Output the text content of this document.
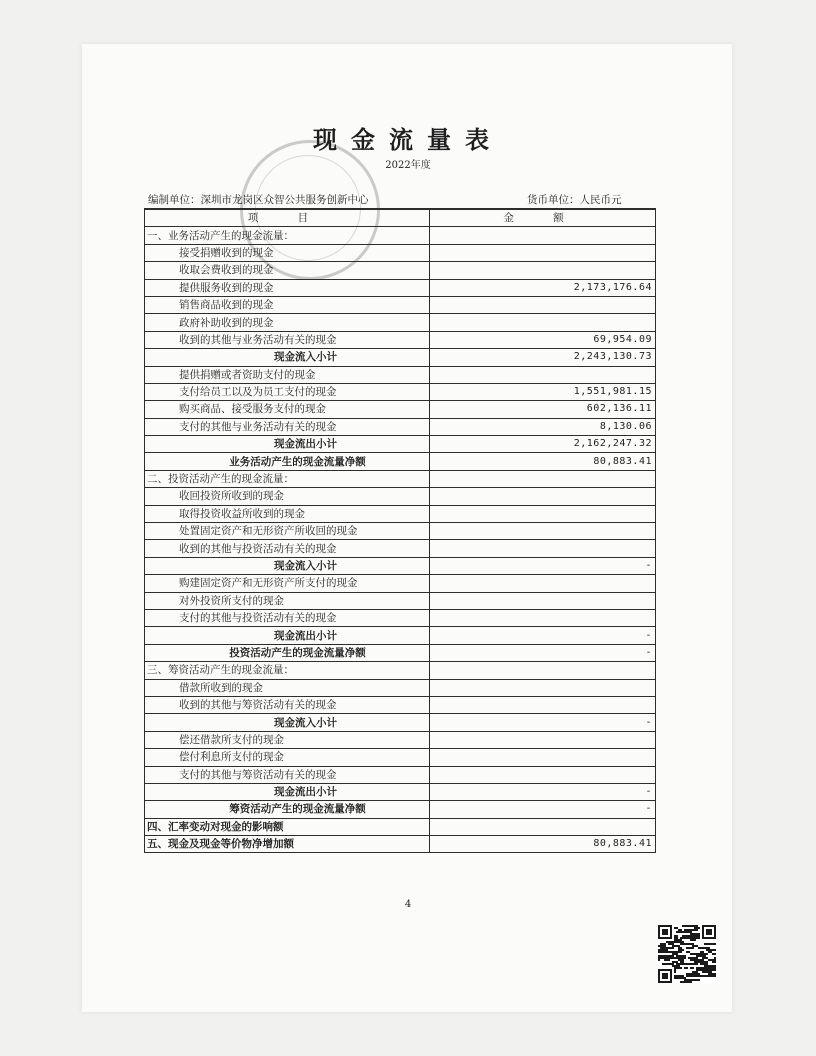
现金流量表
2022年度
编制单位：深圳市龙岗区众智公共服务创新中心	货币单位：人民币元
项 目	金 额
一、业务活动产生的现金流量：	
接受捐赠收到的现金	
收取会费收到的现金	
提供服务收到的现金	2,173,176.64
销售商品收到的现金	
政府补助收到的现金	
收到的其他与业务活动有关的现金	69,954.09
现金流入小计	2,243,130.73
提供捐赠或者资助支付的现金	
支付给员工以及为员工支付的现金	1,551,981.15
购买商品、接受服务支付的现金	602,136.11
支付的其他与业务活动有关的现金	8,130.06
现金流出小计	2,162,247.32
业务活动产生的现金流量净额	80,883.41
二、投资活动产生的现金流量：	
收回投资所收到的现金	
取得投资收益所收到的现金	
处置固定资产和无形资产所收回的现金	
收到的其他与投资活动有关的现金	
现金流入小计	-
购建固定资产和无形资产所支付的现金	
对外投资所支付的现金	
支付的其他与投资活动有关的现金	
现金流出小计	-
投资活动产生的现金流量净额	-
三、筹资活动产生的现金流量：	
借款所收到的现金	
收到的其他与筹资活动有关的现金	
现金流入小计	-
偿还借款所支付的现金	
偿付利息所支付的现金	
支付的其他与筹资活动有关的现金	
现金流出小计	-
筹资活动产生的现金流量净额	-
四、汇率变动对现金的影响额	
五、现金及现金等价物净增加额	80,883.41
4
